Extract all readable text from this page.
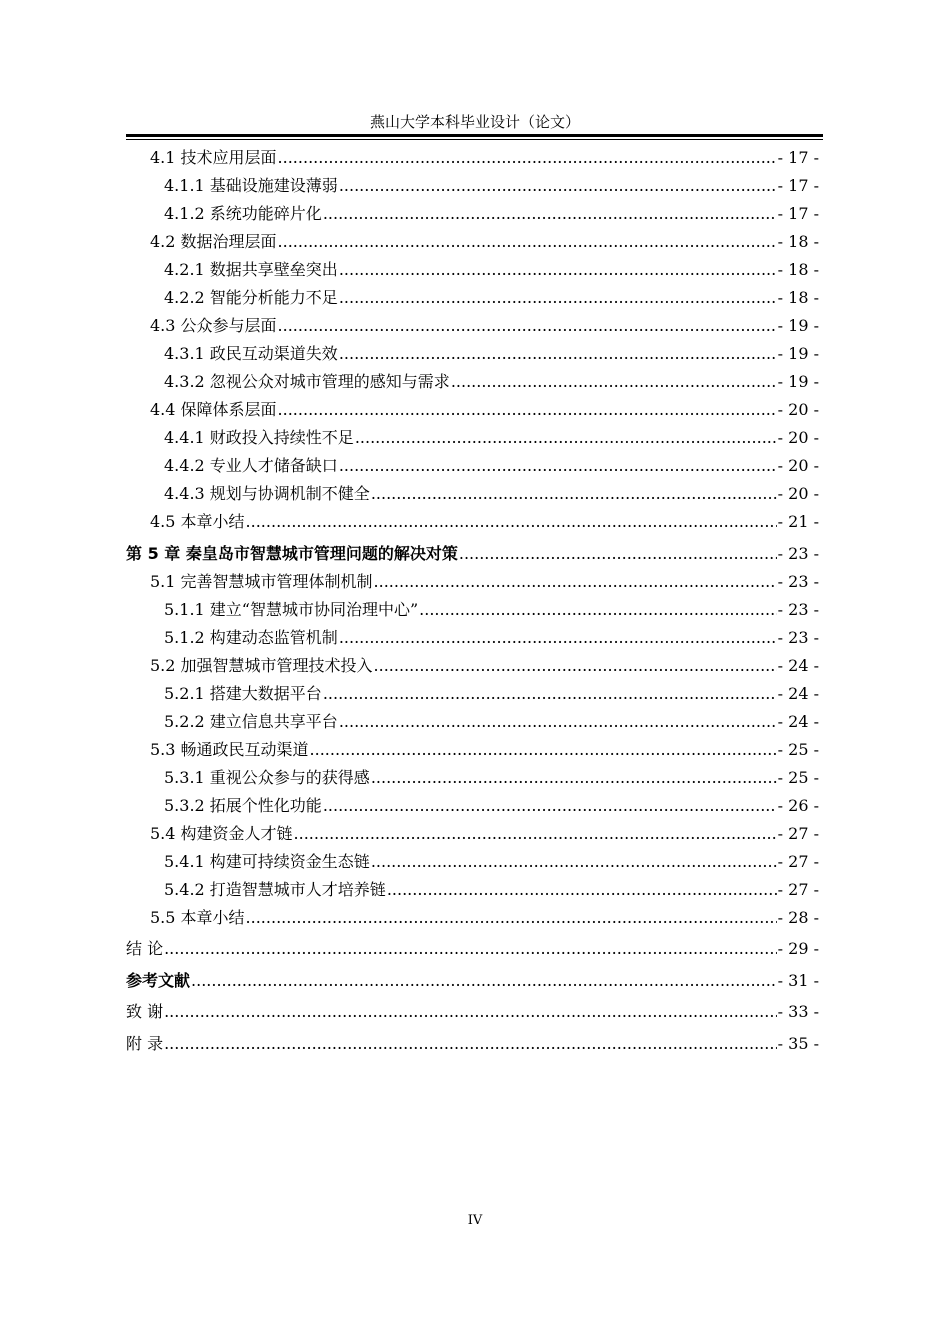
燕山大学本科毕业设计（论文）
4.1 技术应用层面 .....	- 17 -
4.1.1 基础设施建设薄弱 .....	- 17 -
4.1.2 系统功能碎片化 .....	- 17 -
4.2 数据治理层面 .....	- 18 -
4.2.1 数据共享壁垒突出 .....	- 18 -
4.2.2 智能分析能力不足 .....	- 18 -
4.3 公众参与层面 .....	- 19 -
4.3.1 政民互动渠道失效 .....	- 19 -
4.3.2 忽视公众对城市管理的感知与需求 .....	- 19 -
4.4 保障体系层面 .....	- 20 -
4.4.1 财政投入持续性不足 .....	- 20 -
4.4.2 专业人才储备缺口 .....	- 20 -
4.4.3 规划与协调机制不健全 .....	- 20 -
4.5 本章小结 .....	- 21 -
第 5 章 秦皇岛市智慧城市管理问题的解决对策 .....	- 23 -
5.1 完善智慧城市管理体制机制 .....	- 23 -
5.1.1 建立“智慧城市协同治理中心” .....	- 23 -
5.1.2 构建动态监管机制 .....	- 23 -
5.2 加强智慧城市管理技术投入 .....	- 24 -
5.2.1 搭建大数据平台 .....	- 24 -
5.2.2 建立信息共享平台 .....	- 24 -
5.3 畅通政民互动渠道 .....	- 25 -
5.3.1 重视公众参与的获得感 .....	- 25 -
5.3.2 拓展个性化功能 .....	- 26 -
5.4 构建资金人才链 .....	- 27 -
5.4.1 构建可持续资金生态链 .....	- 27 -
5.4.2 打造智慧城市人才培养链 .....	- 27 -
5.5 本章小结 .....	- 28 -
结 论 .....	- 29 -
参考文献 .....	- 31 -
致 谢 .....	- 33 -
附 录 .....	- 35 -
IV
